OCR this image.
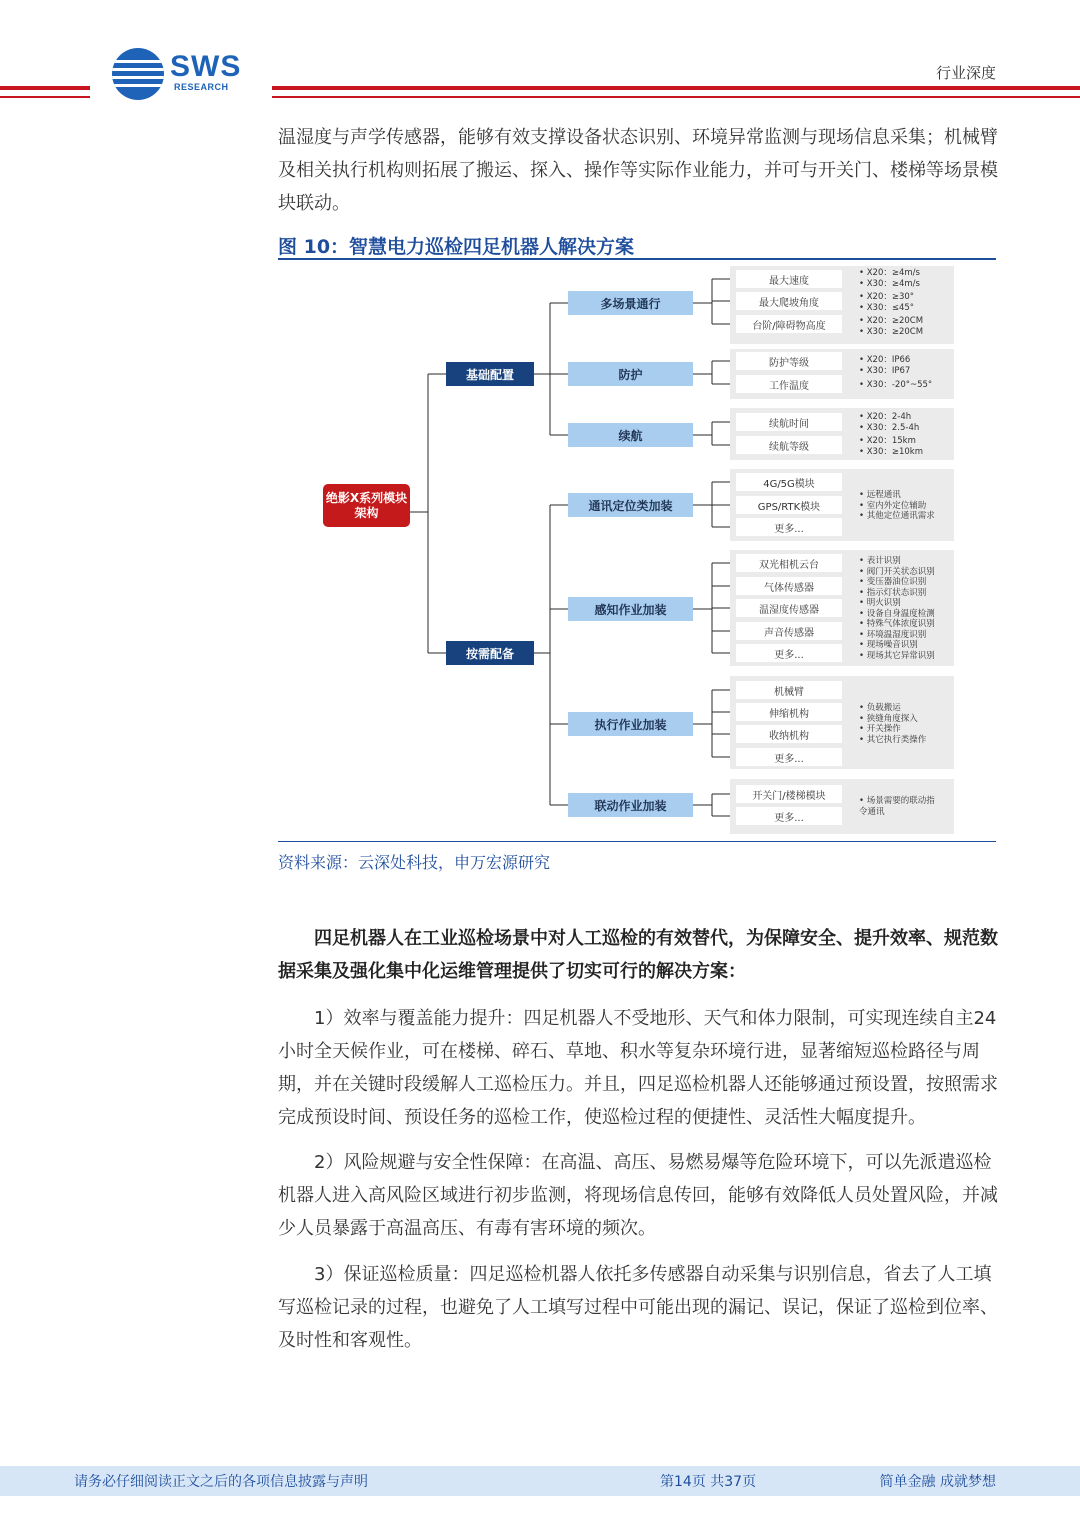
SWS
RESEARCH
行业深度
温湿度与声学传感器，能够有效支撑设备状态识别、环境异常监测与现场信息采集；机械臂及相关执行机构则拓展了搬运、探入、操作等实际作业能力，并可与开关门、楼梯等场景模块联动。
图 10：智慧电力巡检四足机器人解决方案
绝影X系列模块架构
基础配置
按需配备
多场景通行
防护
续航
通讯定位类加装
感知作业加装
执行作业加装
联动作业加装
最大速度
最大爬坡角度
台阶/障碍物高度
防护等级
工作温度
续航时间
续航等级
4G/5G模块
GPS/RTK模块
更多...
双光相机云台
气体传感器
温湿度传感器
声音传感器
更多...
机械臂
伸缩机构
收纳机构
更多...
开关门/楼梯模块
更多...
• X20：≥4m/s
• X30：≥4m/s
• X20：≥30°
• X30：≤45°
• X20：≥20CM
• X30：≥20CM
• X20：IP66
• X30：IP67
• X30：-20°~55°
• X20：2-4h
• X30：2.5-4h
• X20：15km
• X30：≥10km
• 远程通讯
• 室内外定位辅助
• 其他定位通讯需求
• 表计识别
• 阀门开关状态识别
• 变压器油位识别
• 指示灯状态识别
• 明火识别
• 设备自身温度检测
• 特殊气体浓度识别
• 环境温湿度识别
• 现场噪音识别
• 现场其它异常识别
• 负载搬运
• 狭缝角度探入
• 开关操作
• 其它执行类操作
• 场景需要的联动指令通讯
资料来源：云深处科技，申万宏源研究
四足机器人在工业巡检场景中对人工巡检的有效替代，为保障安全、提升效率、规范数据采集及强化集中化运维管理提供了切实可行的解决方案：
1）效率与覆盖能力提升：四足机器人不受地形、天气和体力限制，可实现连续自主24小时全天候作业，可在楼梯、碎石、草地、积水等复杂环境行进，显著缩短巡检路径与周期，并在关键时段缓解人工巡检压力。并且，四足巡检机器人还能够通过预设置，按照需求完成预设时间、预设任务的巡检工作，使巡检过程的便捷性、灵活性大幅度提升。
2）风险规避与安全性保障：在高温、高压、易燃易爆等危险环境下，可以先派遣巡检机器人进入高风险区域进行初步监测，将现场信息传回，能够有效降低人员处置风险，并减少人员暴露于高温高压、有毒有害环境的频次。
3）保证巡检质量：四足巡检机器人依托多传感器自动采集与识别信息，省去了人工填写巡检记录的过程，也避免了人工填写过程中可能出现的漏记、误记，保证了巡检到位率、及时性和客观性。
请务必仔细阅读正文之后的各项信息披露与声明	第14页 共37页	简单金融 成就梦想
